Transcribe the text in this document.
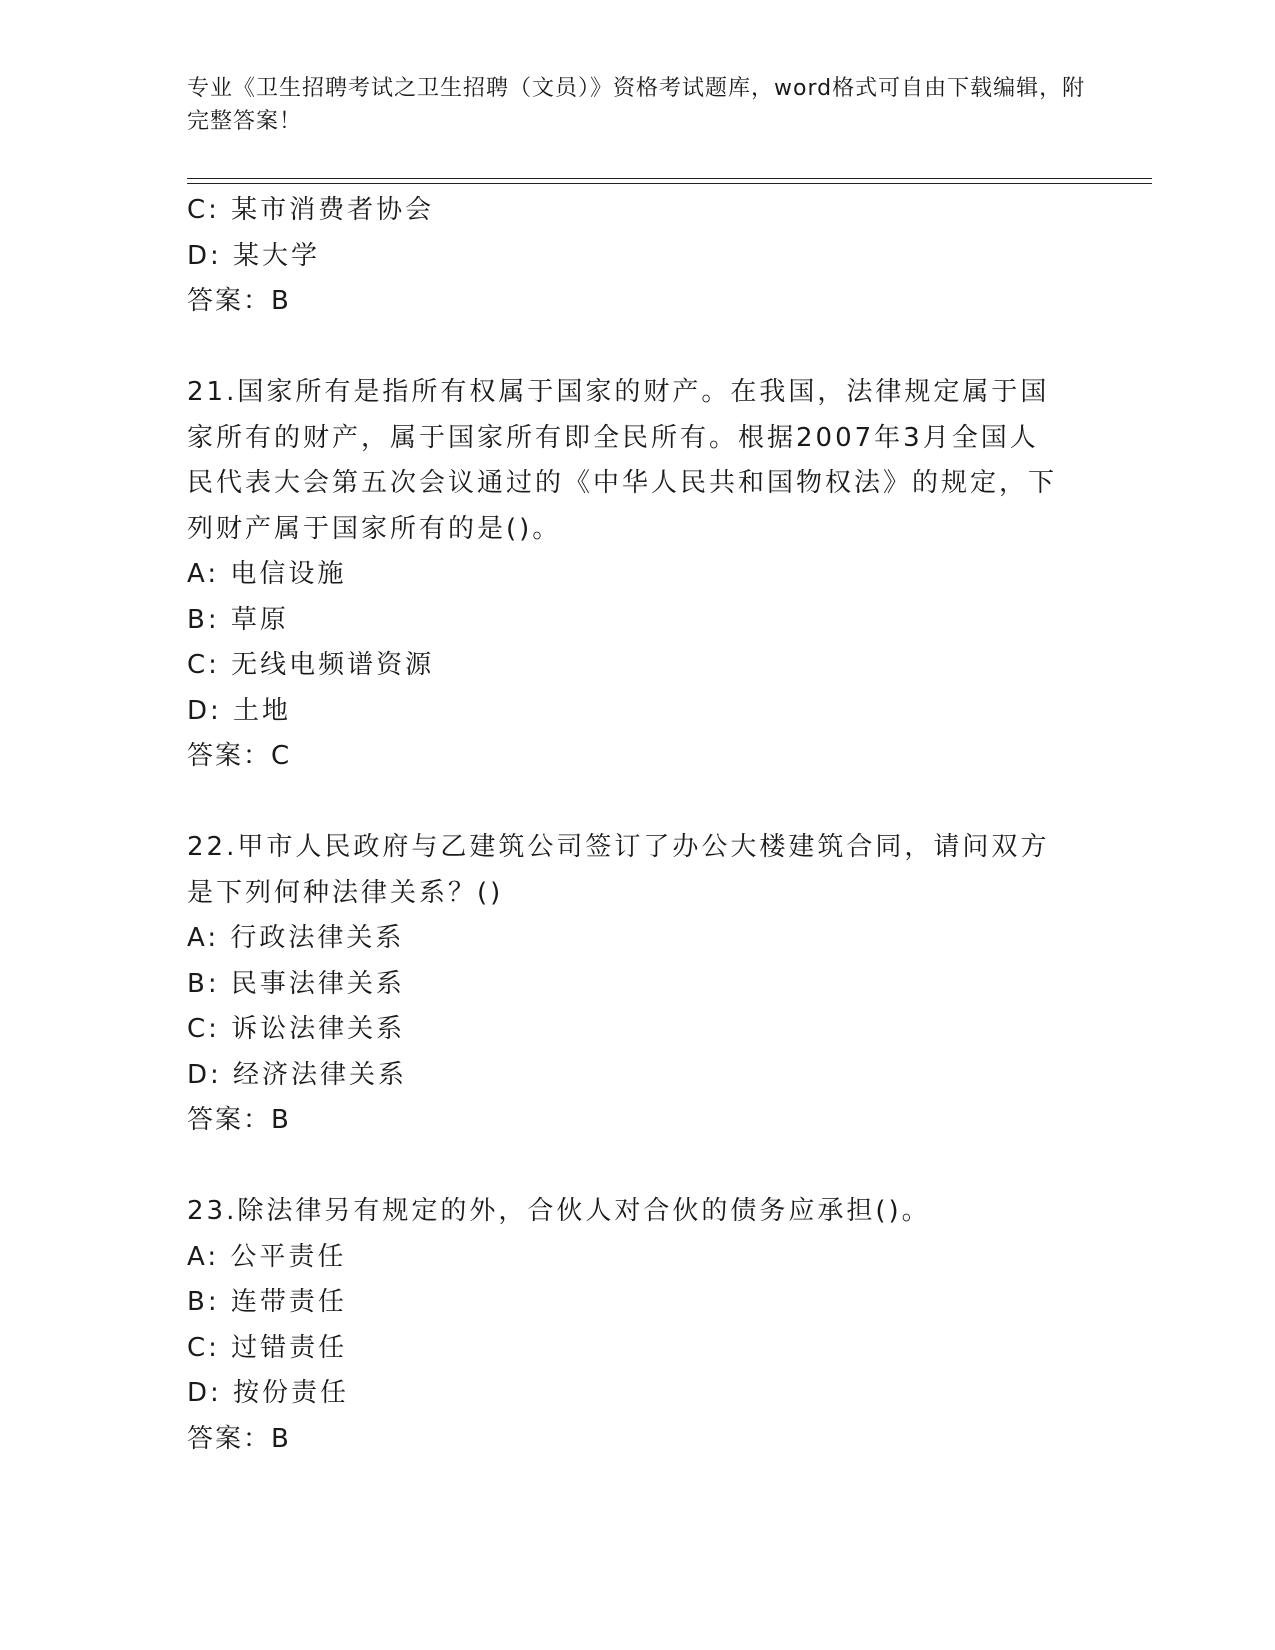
专业《卫生招聘考试之卫生招聘（文员）》资格考试题库，word格式可自由下载编辑，附完整答案！
C: 某市消费者协会
D: 某大学
答案：B
21.国家所有是指所有权属于国家的财产。在我国，法律规定属于国家所有的财产，属于国家所有即全民所有。根据2007年3月全国人民代表大会第五次会议通过的《中华人民共和国物权法》的规定，下列财产属于国家所有的是()。
A: 电信设施
B: 草原
C: 无线电频谱资源
D: 土地
答案：C
22.甲市人民政府与乙建筑公司签订了办公大楼建筑合同，请问双方是下列何种法律关系？()
A: 行政法律关系
B: 民事法律关系
C: 诉讼法律关系
D: 经济法律关系
答案：B
23.除法律另有规定的外，合伙人对合伙的债务应承担()。
A: 公平责任
B: 连带责任
C: 过错责任
D: 按份责任
答案：B
